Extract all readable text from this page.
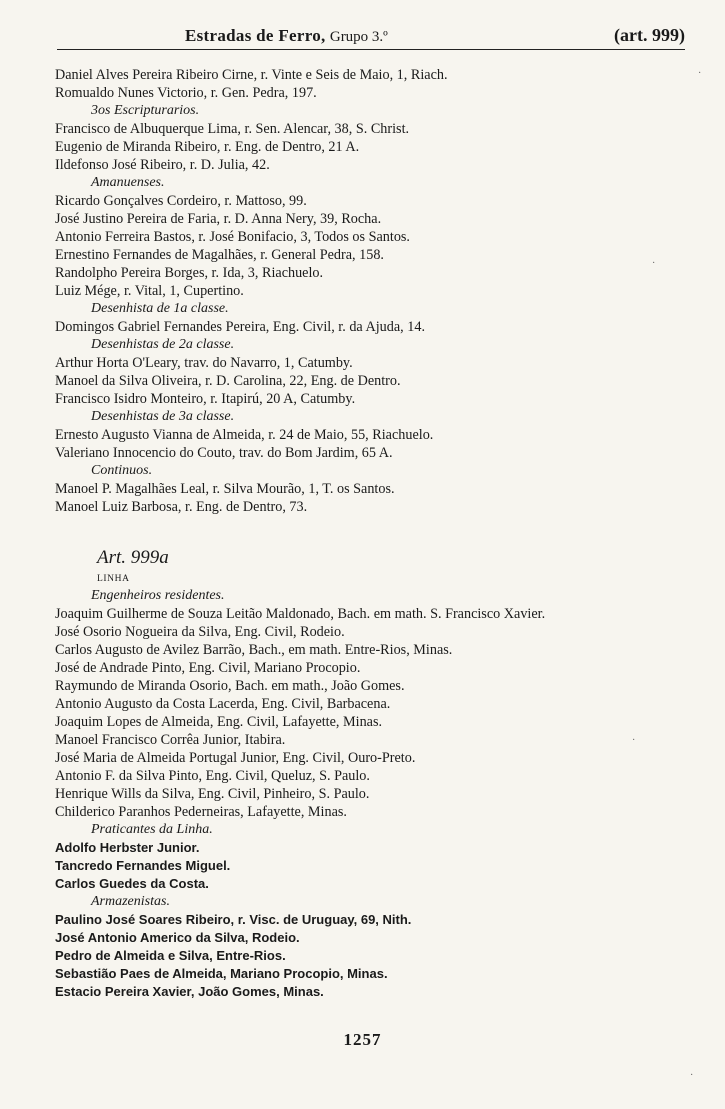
Estradas de Ferro, Grupo 3.º	(art. 999)
Daniel Alves Pereira Ribeiro Cirne, r. Vinte e Seis de Maio, 1, Riach.
Romualdo Nunes Victorio, r. Gen. Pedra, 197.
3os Escripturarios.
Francisco de Albuquerque Lima, r. Sen. Alencar, 38, S. Christ.
Eugenio de Miranda Ribeiro, r. Eng. de Dentro, 21 A.
Ildefonso José Ribeiro, r. D. Julia, 42.
Amanuenses.
Ricardo Gonçalves Cordeiro, r. Mattoso, 99.
José Justino Pereira de Faria, r. D. Anna Nery, 39, Rocha.
Antonio Ferreira Bastos, r. José Bonifacio, 3, Todos os Santos.
Ernestino Fernandes de Magalhães, r. General Pedra, 158.
Randolpho Pereira Borges, r. Ida, 3, Riachuelo.
Luiz Mége, r. Vital, 1, Cupertino.
Desenhista de 1a classe.
Domingos Gabriel Fernandes Pereira, Eng. Civil, r. da Ajuda, 14.
Desenhistas de 2a classe.
Arthur Horta O'Leary, trav. do Navarro, 1, Catumby.
Manoel da Silva Oliveira, r. D. Carolina, 22, Eng. de Dentro.
Francisco Isidro Monteiro, r. Itapirú, 20 A, Catumby.
Desenhistas de 3a classe.
Ernesto Augusto Vianna de Almeida, r. 24 de Maio, 55, Riachuelo.
Valeriano Innocencio do Couto, trav. do Bom Jardim, 65 A.
Continuos.
Manoel P. Magalhães Leal, r. Silva Mourão, 1, T. os Santos.
Manoel Luiz Barbosa, r. Eng. de Dentro, 73.
Art. 999a
LINHA
Engenheiros residentes.
Joaquim Guilherme de Souza Leitão Maldonado, Bach. em math. S. Francisco Xavier.
José Osorio Nogueira da Silva, Eng. Civil, Rodeio.
Carlos Augusto de Avilez Barrão, Bach., em math. Entre-Rios, Minas.
José de Andrade Pinto, Eng. Civil, Mariano Procopio.
Raymundo de Miranda Osorio, Bach. em math., João Gomes.
Antonio Augusto da Costa Lacerda, Eng. Civil, Barbacena.
Joaquim Lopes de Almeida, Eng. Civil, Lafayette, Minas.
Manoel Francisco Corrêa Junior, Itabira.
José Maria de Almeida Portugal Junior, Eng. Civil, Ouro-Preto.
Antonio F. da Silva Pinto, Eng. Civil, Queluz, S. Paulo.
Henrique Wills da Silva, Eng. Civil, Pinheiro, S. Paulo.
Childerico Paranhos Pederneiras, Lafayette, Minas.
Praticantes da Linha.
Adolfo Herbster Junior.
Tancredo Fernandes Miguel.
Carlos Guedes da Costa.
Armazenistas.
Paulino José Soares Ribeiro, r. Visc. de Uruguay, 69, Nith.
José Antonio Americo da Silva, Rodeio.
Pedro de Almeida e Silva, Entre-Rios.
Sebastião Paes de Almeida, Mariano Procopio, Minas.
Estacio Pereira Xavier, João Gomes, Minas.
1257
·
·
·
·
